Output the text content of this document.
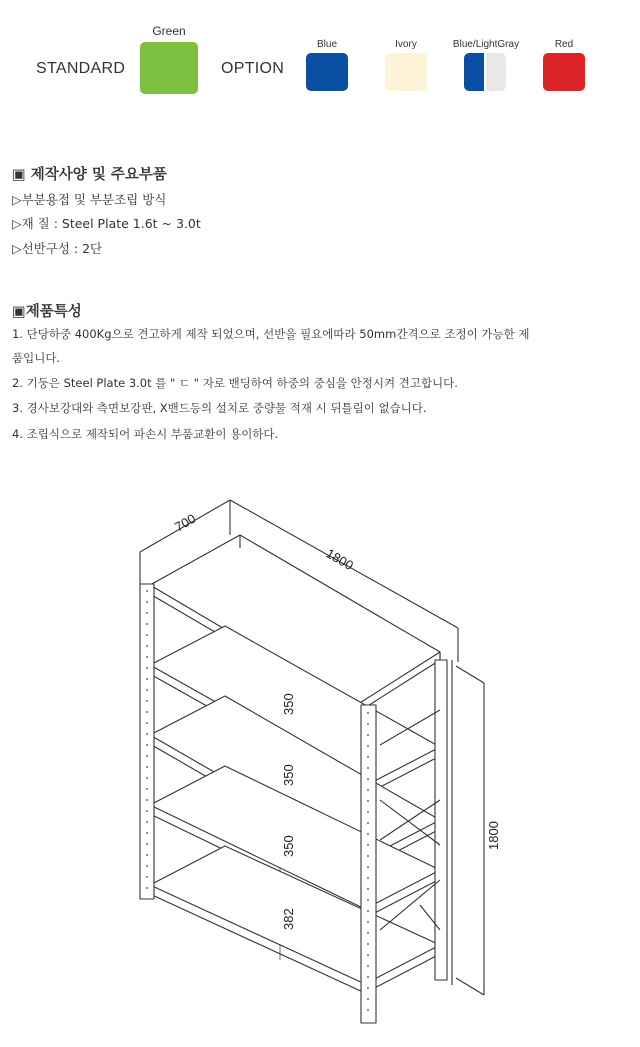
STANDARD
Green
OPTION
Blue	Ivory	Blue/LightGray	Red
▣ 제작사양 및 주요부품
▷부분용접 및 부분조립 방식
▷재 질 : Steel Plate 1.6t ~ 3.0t
▷선반구성 : 2단
▣제품특성
1. 단당하중 400Kg으로 견고하게 제작 되었으며, 선반을 필요에따라 50mm간격으로 조정이 가능한 제
품입니다.
2. 기둥은 Steel Plate 3.0t 를 " ㄷ " 자로 밴딩하여 하중의 중심을 안정시켜 견고합니다.
3. 경사보강대와 측면보강판, X밴드등의 설치로 중량물 적재 시 뒤틀림이 없습니다.
4. 조립식으로 제작되어 파손시 부품교환이 용이하다.
700
1800
1800
350
350
350
382
